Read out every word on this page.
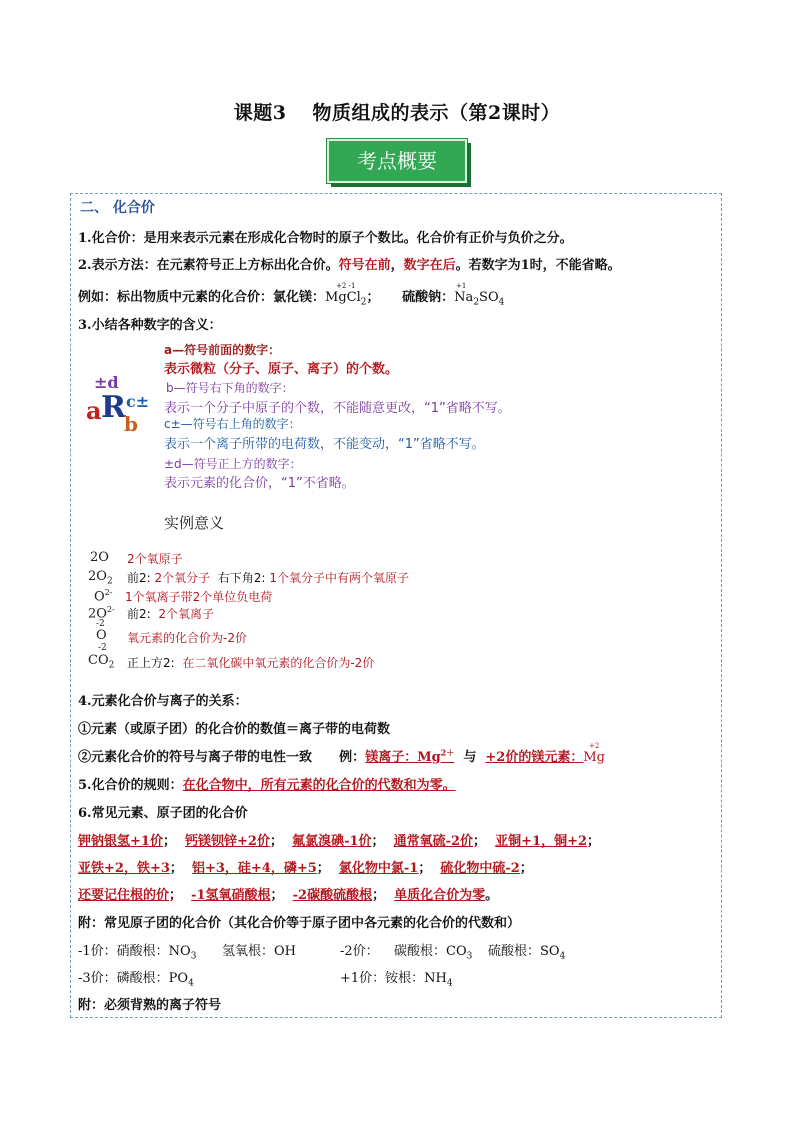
课题3 物质组成的表示（第2课时）
考点概要
二、 化合价
1.化合价：是用来表示元素在形成化合物时的原子个数比。化合价有正价与负价之分。
2.表示方法：在元素符号正上方标出化合价。符号在前，数字在后。若数字为1时，不能省略。
例如：标出物质中元素的化合价：氯化镁：
+2 -1
MgCl$_2$； 硫酸钠：
+1
$Na_2SO_4$
3.小结各种数字的含义：
±d
a R c±
b
a—符号前面的数字：
表示微粒（分子、原子、离子）的个数。
b—符号右下角的数字：
表示一个分子中原子的个数，不能随意更改，“1”省略不写。
c±—符号右上角的数字：
表示一个离子所带的电荷数，不能变动，“1”省略不写。
±d—符号正上方的数字：
表示元素的化合价，“1”不省略。
实例意义
2O 2个氧原子
$2O_2$ 前2: 2个氧分子 右下角2: 1个氧分子中有两个氧原子
$O^{2-}$ 1个氧离子带2个单位负电荷
$2O^{2-}$ 前2: 2个氧离子
-2
O 氧元素的化合价为-2价
-2
$CO_2$ 正上方2: 在二氧化碳中氧元素的化合价为-2价
4.元素化合价与离子的关系：
①元素（或原子团）的化合价的数值＝离子带的电荷数
②元素化合价的符号与离子带的电性一致 例：镁离子：$Mg^{2+}$ 与 +2价的镁元素：
+2
Mg
5.化合价的规则：在化合物中，所有元素的化合价的代数和为零。
6.常见元素、原子团的化合价
钾钠银氢+1价； 钙镁钡锌+2价； 氟氯溴碘-1价； 通常氧硫-2价； 亚铜+1，铜+2；
亚铁+2，铁+3； 铝+3，硅+4，磷+5； 氯化物中氯-1； 硫化物中硫-2；
还要记住根的价； -1氢氧硝酸根； -2碳酸硫酸根； 单质化合价为零。
附：常见原子团的化合价（其化合价等于原子团中各元素的化合价的代数和）
-1价：硝酸根：$NO_3$ 氢氧根：OH	-2价： 碳酸根：$CO_3$ 硫酸根：$SO_4$
-3价：磷酸根：$PO_4$	+1价：铵根：$NH_4$
附：必须背熟的离子符号
